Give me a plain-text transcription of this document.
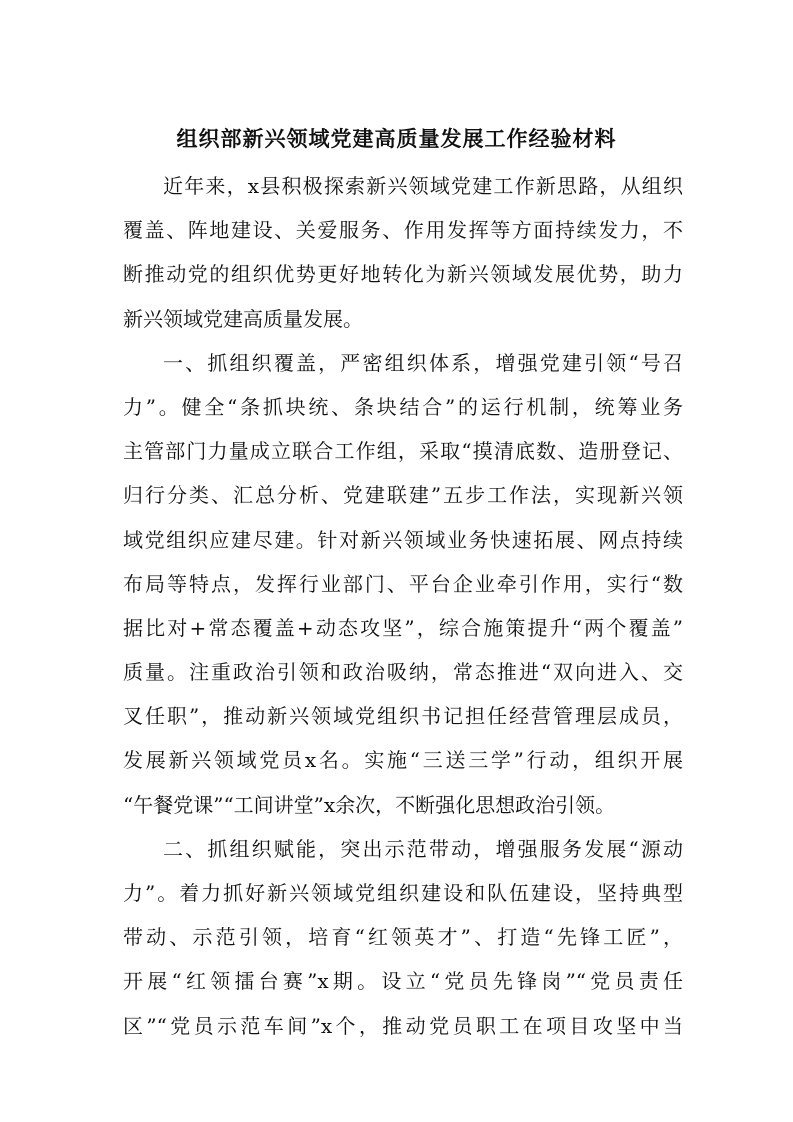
组织部新兴领域党建高质量发展工作经验材料
近年来，x县积极探索新兴领域党建工作新思路，从组织
覆盖、阵地建设、关爱服务、作用发挥等方面持续发力，不
断推动党的组织优势更好地转化为新兴领域发展优势，助力
新兴领域党建高质量发展。
一、抓组织覆盖，严密组织体系，增强党建引领“号召
力”。健全“条抓块统、条块结合”的运行机制，统筹业务
主管部门力量成立联合工作组，采取“摸清底数、造册登记、
归行分类、汇总分析、党建联建”五步工作法，实现新兴领
域党组织应建尽建。针对新兴领域业务快速拓展、网点持续
布局等特点，发挥行业部门、平台企业牵引作用，实行“数
据比对+常态覆盖+动态攻坚”，综合施策提升“两个覆盖”
质量。注重政治引领和政治吸纳，常态推进“双向进入、交
叉任职”，推动新兴领域党组织书记担任经营管理层成员，
发展新兴领域党员x名。实施“三送三学”行动，组织开展
“午餐党课”“工间讲堂”x余次，不断强化思想政治引领。
二、抓组织赋能，突出示范带动，增强服务发展“源动
力”。着力抓好新兴领域党组织建设和队伍建设，坚持典型
带动、示范引领，培育“红领英才”、打造“先锋工匠”，
开展“红领擂台赛”x期。设立“党员先锋岗”“党员责任
区”“党员示范车间”x个，推动党员职工在项目攻坚中当
